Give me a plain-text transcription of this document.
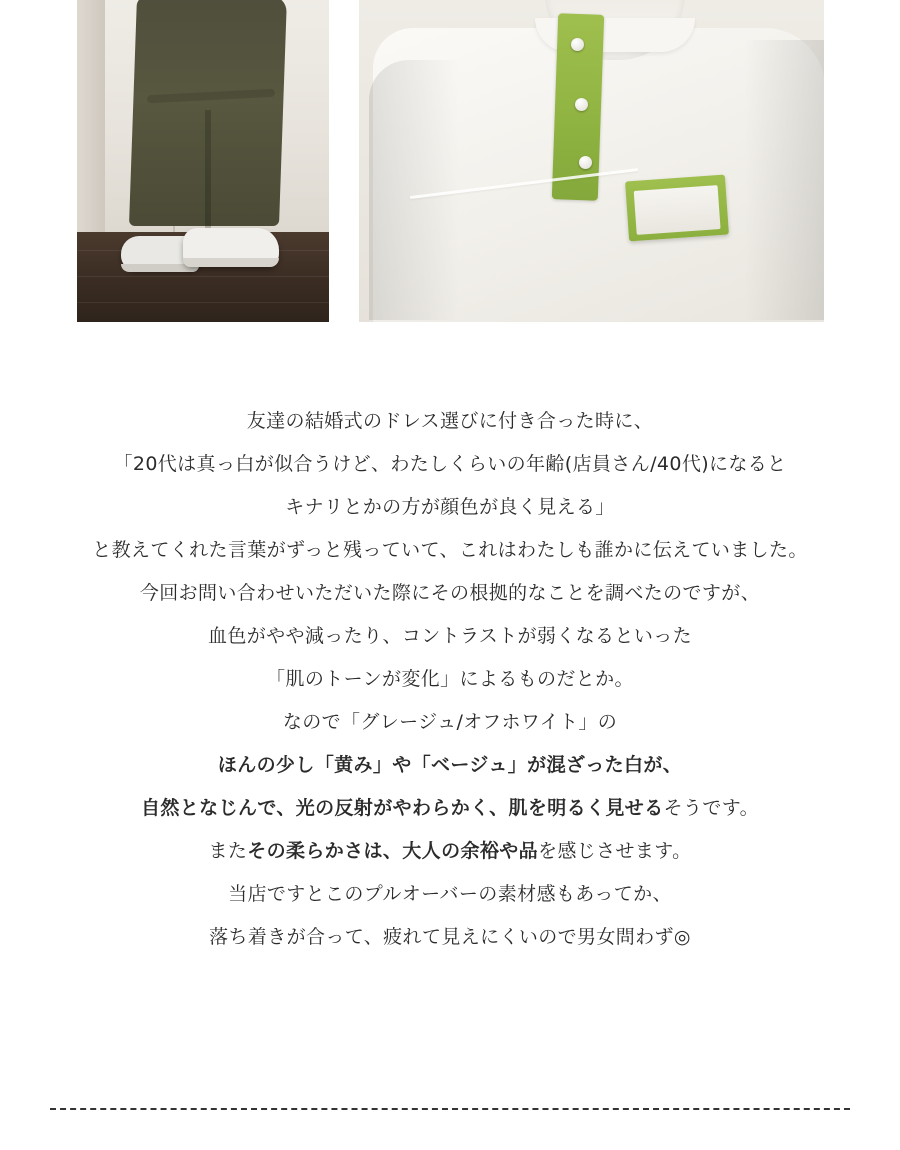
友達の結婚式のドレス選びに付き合った時に、

「20代は真っ白が似合うけど、わたしくらいの年齢(店員さん/40代)になると

キナリとかの方が顔色が良く見える」

と教えてくれた言葉がずっと残っていて、これはわたしも誰かに伝えていました。

今回お問い合わせいただいた際にその根拠的なことを調べたのですが、

血色がやや減ったり、コントラストが弱くなるといった

「肌のトーンが変化」によるものだとか。

なので「グレージュ/オフホワイト」の

ほんの少し「黄み」や「ベージュ」が混ざった白が、

自然となじんで、光の反射がやわらかく、肌を明るく見せるそうです。

またその柔らかさは、大人の余裕や品を感じさせます。

当店ですとこのプルオーバーの素材感もあってか、

落ち着きが合って、疲れて見えにくいので男女問わず◎
